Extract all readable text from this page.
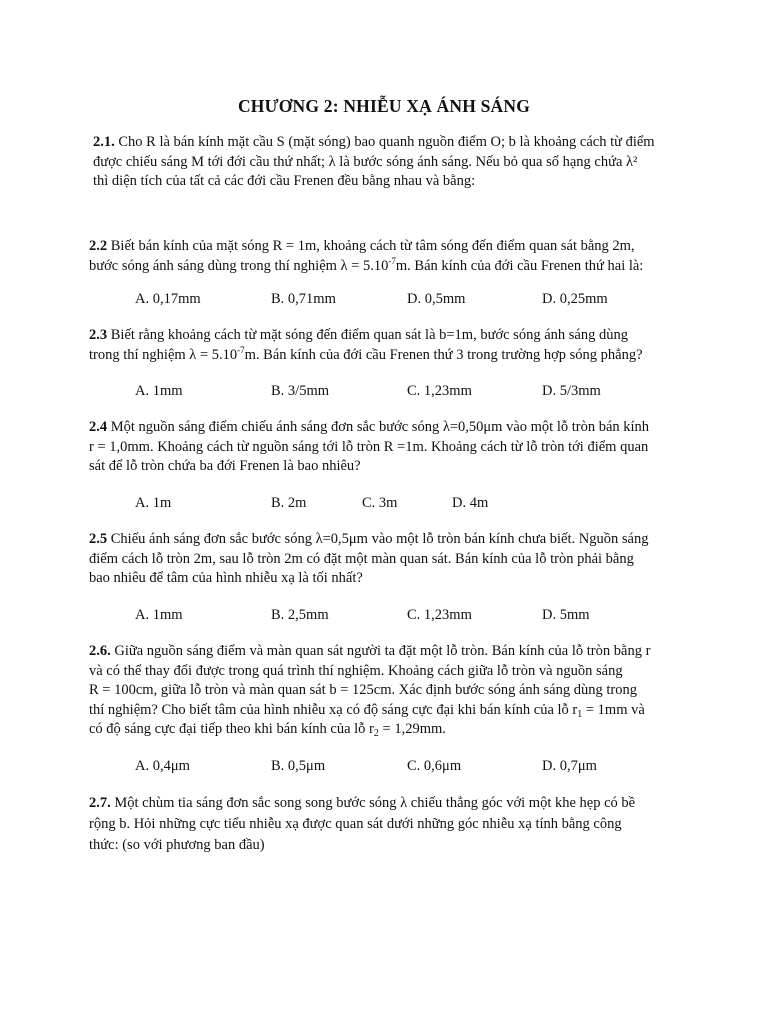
CHƯƠNG 2: NHIỄU XẠ ÁNH SÁNG
2.1. Cho R là bán kính mặt cầu S (mặt sóng) bao quanh nguồn điểm O; b là khoảng cách từ điểm
được chiếu sáng M tới đới cầu thứ nhất; λ là bước sóng ánh sáng. Nếu bỏ qua số hạng chứa λ²
thì diện tích của tất cả các đới cầu Frenen đều bằng nhau và bằng:
2.2 Biết bán kính của mặt sóng R = 1m, khoảng cách từ tâm sóng đến điểm quan sát bằng 2m,
bước sóng ánh sáng dùng trong thí nghiệm $\lambda = 5.10^{-7}m$. Bán kính của đới cầu Frenen thứ hai là:
A. 0,17mm	B. 0,71mm	D. 0,5mm	D. 0,25mm
2.3 Biết rằng khoảng cách từ mặt sóng đến điểm quan sát là b=1m, bước sóng ánh sáng dùng
trong thí nghiệm $\lambda = 5.10^{-7}m$. Bán kính của đới cầu Frenen thứ 3 trong trường hợp sóng phẳng?
A. 1mm	B. 3/5mm	C. 1,23mm	D. 5/3mm
2.4 Một nguồn sáng điểm chiếu ánh sáng đơn sắc bước sóng λ=0,50μm vào một lỗ tròn bán kính
r = 1,0mm. Khoảng cách từ nguồn sáng tới lỗ tròn R =1m. Khoảng cách từ lỗ tròn tới điểm quan
sát để lỗ tròn chứa ba đới Frenen là bao nhiêu?
A. 1m	B. 2m	C. 3m	D. 4m
2.5 Chiếu ánh sáng đơn sắc bước sóng λ=0,5μm vào một lỗ tròn bán kính chưa biết. Nguồn sáng
điểm cách lỗ tròn 2m, sau lỗ tròn 2m có đặt một màn quan sát. Bán kính của lỗ tròn phải bằng
bao nhiêu để tâm của hình nhiễu xạ là tối nhất?
A. 1mm	B. 2,5mm	C. 1,23mm	D. 5mm
2.6. Giữa nguồn sáng điểm và màn quan sát người ta đặt một lỗ tròn. Bán kính của lỗ tròn bằng r
và có thể thay đổi được trong quá trình thí nghiệm. Khoảng cách giữa lỗ tròn và nguồn sáng
R = 100cm, giữa lỗ tròn và màn quan sát b = 125cm. Xác định bước sóng ánh sáng dùng trong
thí nghiệm? Cho biết tâm của hình nhiễu xạ có độ sáng cực đại khi bán kính của lỗ $r_1 = 1mm$ và
có độ sáng cực đại tiếp theo khi bán kính của lỗ $r_2 = 1,29mm$.
A. 0,4μm	B. 0,5μm	C. 0,6μm	D. 0,7μm
2.7. Một chùm tia sáng đơn sắc song song bước sóng λ chiếu thẳng góc với một khe hẹp có bề
rộng b. Hỏi những cực tiểu nhiễu xạ được quan sát dưới những góc nhiễu xạ tính bằng công
thức: (so với phương ban đầu)
